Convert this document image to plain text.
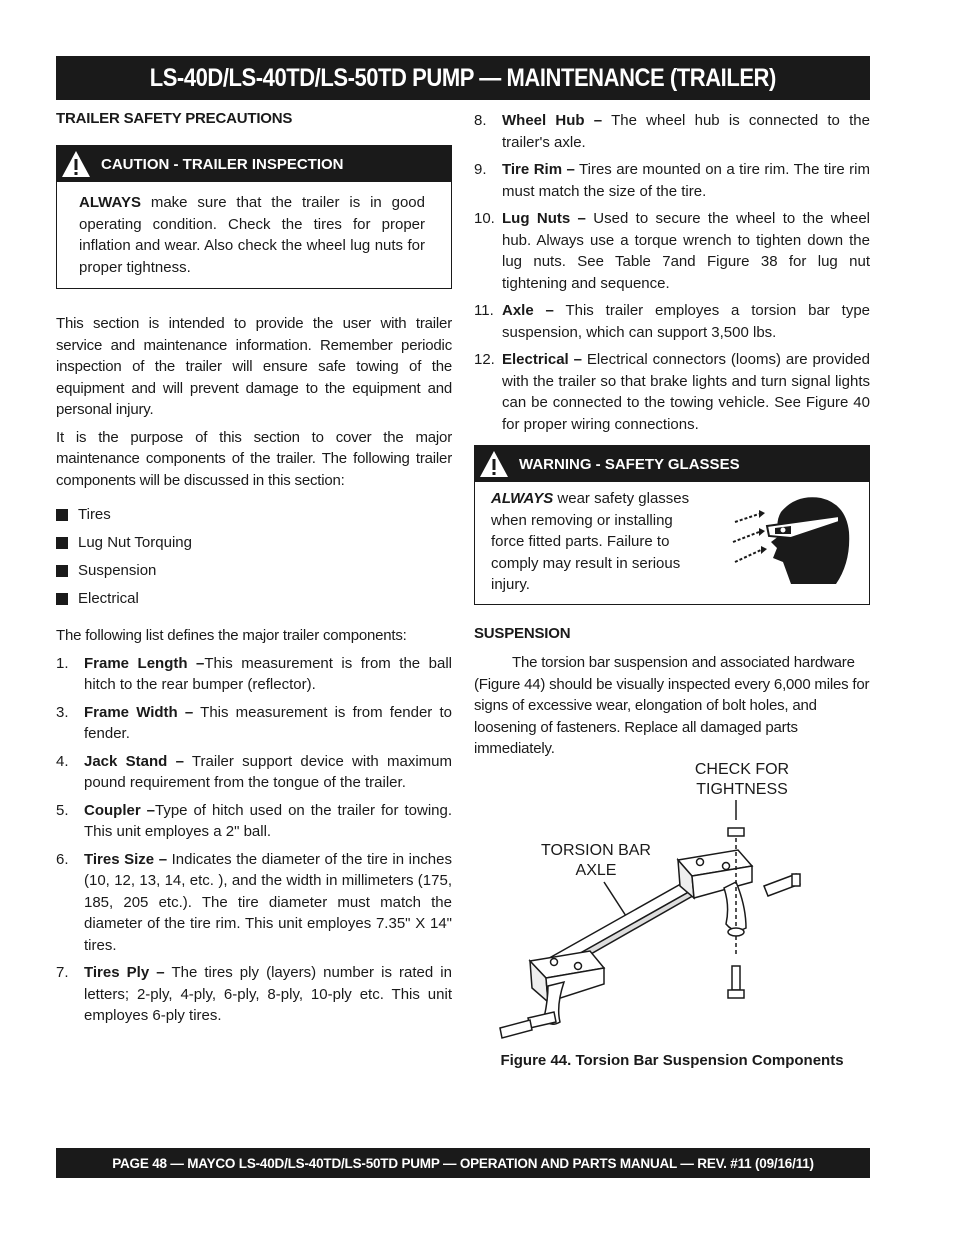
LS-40D/LS-40TD/LS-50TD PUMP — MAINTENANCE (TRAILER)
TRAILER SAFETY PRECAUTIONS
CAUTION - TRAILER INSPECTION
ALWAYS make sure that the trailer is in good operating condition. Check the tires for proper inflation and wear. Also check the wheel lug nuts for proper tightness.

This section is intended to provide the user with trailer service and maintenance information. Remember periodic inspection of the trailer will ensure safe towing of the equipment and will prevent damage to the equipment and personal injury.

It is the purpose of this section to cover the major maintenance components of the trailer. The following trailer components will be discussed in this section:

Tires
Lug Nut Torquing
Suspension
Electrical

The following list defines the major trailer components:

1.	Frame Length –This measurement is from the ball hitch to the rear bumper (reflector).
3.	Frame Width – This measurement is from fender to fender.
4.	Jack Stand – Trailer support device with maximum pound requirement from the tongue of the trailer.
5.	Coupler –Type of hitch used on the trailer for towing. This unit employes a 2" ball.
6.	Tires Size – Indicates the diameter of the tire in inches (10, 12, 13, 14, etc. ), and the width in millimeters (175, 185, 205 etc.). The tire diameter must match the diameter of the tire rim. This unit employes 7.35" X 14" tires.
7.	Tires Ply – The tires ply (layers) number is rated in letters; 2-ply, 4-ply, 6-ply, 8-ply, 10-ply etc. This unit employes 6-ply tires.
8.	Wheel Hub – The wheel hub is connected to the trailer's axle.
9.	Tire Rim – Tires are mounted on a tire rim. The tire rim must match the size of the tire.
10. Lug Nuts – Used to secure the wheel to the wheel hub. Always use a torque wrench to tighten down the lug nuts. See Table 7and Figure 38 for lug nut tightening and sequence.
11. Axle – This trailer employes a torsion bar type suspension, which can support 3,500 lbs.
12. Electrical – Electrical connectors (looms) are provided with the trailer so that brake lights and turn signal lights can be connected to the towing vehicle. See Figure 40 for proper wiring connections.
WARNING - SAFETY GLASSES
ALWAYS wear safety glasses when removing or installing force fitted parts. Failure to comply may result in serious injury.
SUSPENSION

The torsion bar suspension and associated hardware (Figure 44) should be visually inspected every 6,000 miles for signs of excessive wear, elongation of bolt holes, and loosening of fasteners. Replace all damaged parts immediately.

CHECK FOR
TIGHTNESS
TORSION BAR
AXLE
Figure 44. Torsion Bar Suspension Components
PAGE 48 — MAYCO LS-40D/LS-40TD/LS-50TD PUMP — OPERATION AND PARTS MANUAL — REV. #11 (09/16/11)
